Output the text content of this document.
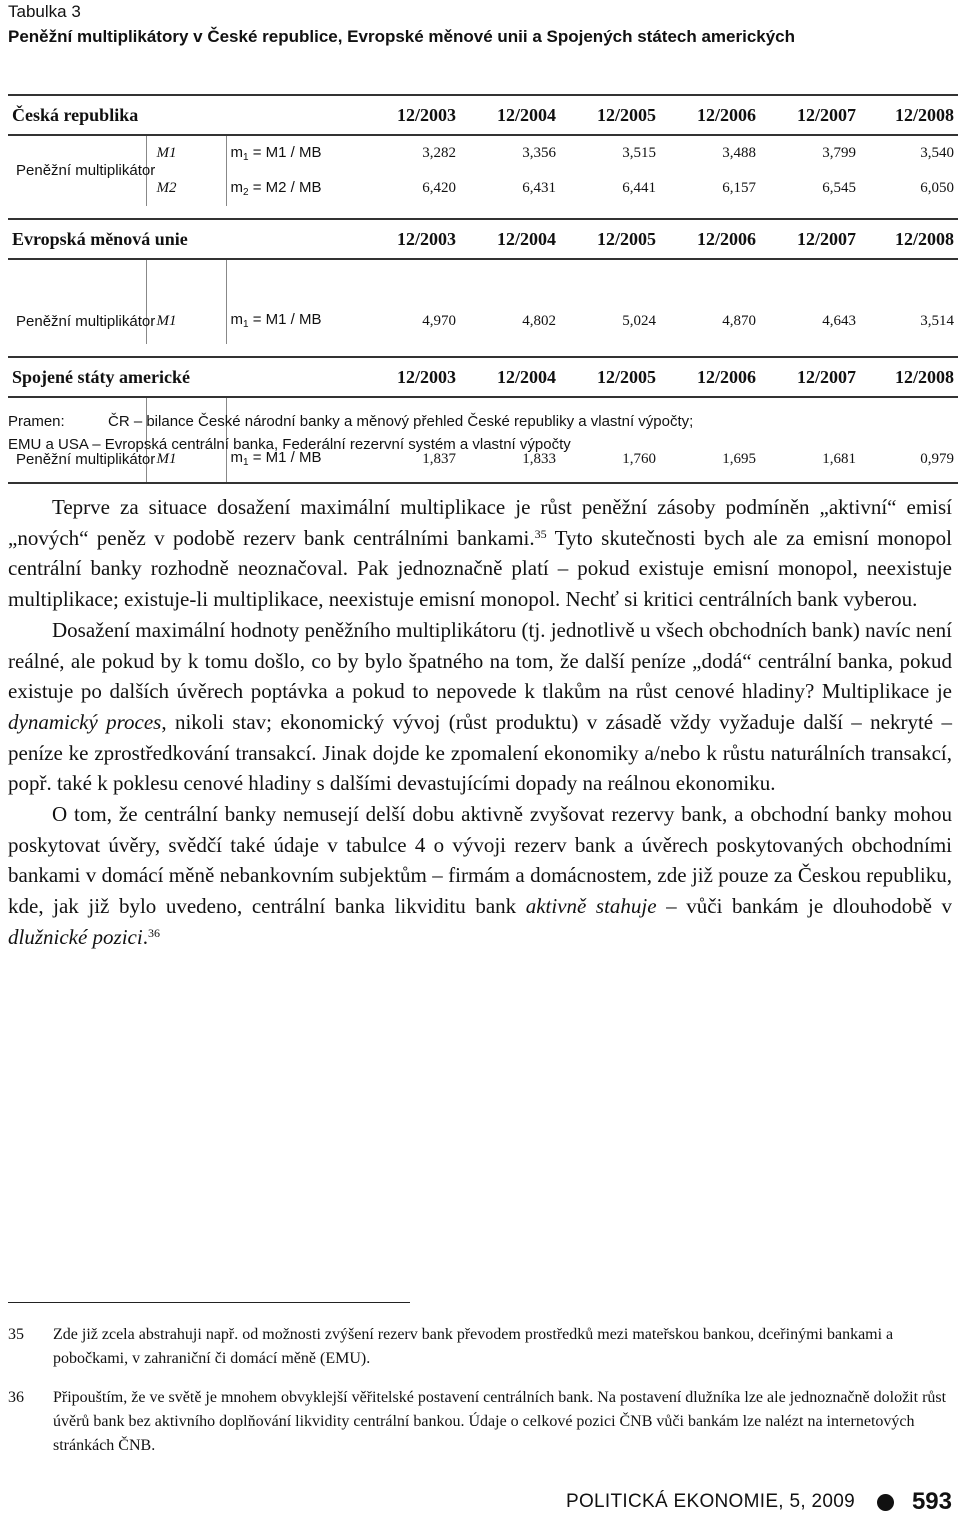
Tabulka 3
Peněžní multiplikátory v České republice, Evropské měnové unii a Spojených státech amerických
Česká republika			12/2003	12/2004	12/2005	12/2006	12/2007	12/2008
Peněžní multiplikátor	M1	$m_1 = M1$ / MB	3,282	3,356	3,515	3,488	3,799	3,540
	M2	$m_2 = M2$ / MB	6,420	6,431	6,441	6,157	6,545	6,050

Evropská měnová unie			12/2003	12/2004	12/2005	12/2006	12/2007	12/2008
Peněžní multiplikátor	M1	$m_1 = M1$ / MB	4,970	4,802	5,024	4,870	4,643	3,514

Spojené státy americké			12/2003	12/2004	12/2005	12/2006	12/2007	12/2008
Peněžní multiplikátor	M1	$m_1 = M1$ / MB	1,837	1,833	1,760	1,695	1,681	0,979
Pramen:	ČR – bilance České národní banky a měnový přehled České republiky a vlastní výpočty;
EMU a USA – Evropská centrální banka, Federální rezervní systém a vlastní výpočty

Teprve za situace dosažení maximální multiplikace je růst peněžní zásoby podmíněn „aktivní“ emisí „nových“ peněz v podobě rezerv bank centrálními bankami.$^{35}$ Tyto skutečnosti bych ale za emisní monopol centrální banky rozhodně neoznačoval. Pak jednoznačně platí – pokud existuje emisní monopol, neexistuje multiplikace; existuje-li multiplikace, neexistuje emisní monopol. Nechť si kritici centrálních bank vyberou.

Dosažení maximální hodnoty peněžního multiplikátoru (tj. jednotlivě u všech obchodních bank) navíc není reálné, ale pokud by k tomu došlo, co by bylo špatného na tom, že další peníze „dodá“ centrální banka, pokud existuje po dalších úvěrech poptávka a pokud to nepovede k tlakům na růst cenové hladiny? Multiplikace je dynamický proces, nikoli stav; ekonomický vývoj (růst produktu) v zásadě vždy vyžaduje další – nekryté – peníze ke zprostředkování transakcí. Jinak dojde ke zpomalení ekonomiky a/nebo k růstu naturálních transakcí, popř. také k poklesu cenové hladiny s dalšími devastujícími dopady na reálnou ekonomiku.

O tom, že centrální banky nemusejí delší dobu aktivně zvyšovat rezervy bank, a obchodní banky mohou poskytovat úvěry, svědčí také údaje v tabulce 4 o vývoji rezerv bank a úvěrech poskytovaných obchodními bankami v domácí měně nebankovním subjektům – firmám a domácnostem, zde již pouze za Českou republiku, kde, jak již bylo uvedeno, centrální banka likviditu bank aktivně stahuje – vůči bankám je dlouhodobě v dlužnické pozici.$^{36}$

35 Zde již zcela abstrahuji např. od možnosti zvýšení rezerv bank převodem prostředků mezi mateřskou bankou, dceřinými bankami a pobočkami, v zahraniční či domácí měně (EMU).
36 Připouštím, že ve světě je mnohem obvyklejší věřitelské postavení centrálních bank. Na postavení dlužníka lze ale jednoznačně doložit růst úvěrů bank bez aktivního doplňování likvidity centrální bankou. Údaje o celkové pozici ČNB vůči bankám lze nalézt na internetových stránkách ČNB.
POLITICKÁ EKONOMIE, 5, 2009 593
